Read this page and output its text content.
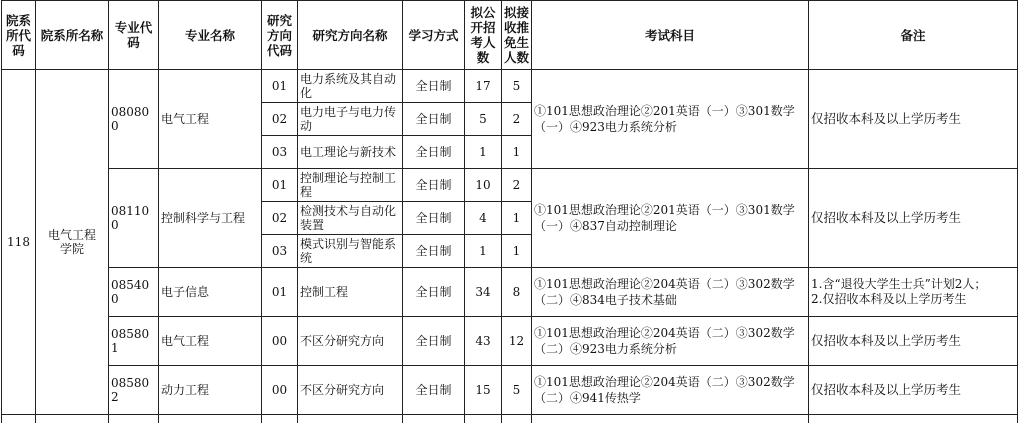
院系所代码	院系所名称	专业代码	专业名称	研究方向代码	研究方向名称	学习方式	拟公开招考人数	拟接收推免生人数	考试科目	备注
118	电气工程学院	080800	电气工程	01	电力系统及其自动化	全日制	17	5	①101思想政治理论②201英语（一）③301数学（一）④923电力系统分析	仅招收本科及以上学历考生
				02	电力电子与电力传动	全日制	5	2		
				03	电工理论与新技术	全日制	1	1		
		081100	控制科学与工程	01	控制理论与控制工程	全日制	10	2	①101思想政治理论②201英语（一）③301数学（一）④837自动控制理论	仅招收本科及以上学历考生
				02	检测技术与自动化装置	全日制	4	1		
				03	模式识别与智能系统	全日制	1	1		
		085400	电子信息	01	控制工程	全日制	34	8	①101思想政治理论②204英语（二）③302数学（二）④834电子技术基础	1.含“退役大学生士兵”计划2人；
2.仅招收本科及以上学历考生
		085801	电气工程	00	不区分研究方向	全日制	43	12	①101思想政治理论②204英语（二）③302数学（二）④923电力系统分析	仅招收本科及以上学历考生
		085802	动力工程	00	不区分研究方向	全日制	15	5	①101思想政治理论②204英语（二）③302数学（二）④941传热学	仅招收本科及以上学历考生
